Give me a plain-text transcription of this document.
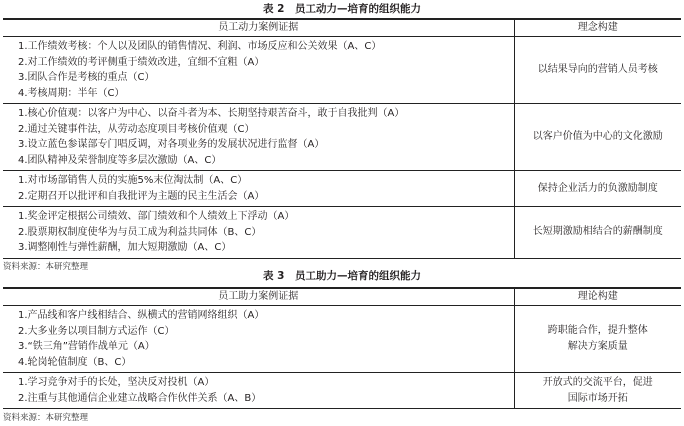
表 2　员工动力—培育的组织能力
员工动力案例证据	理念构建

1.工作绩效考核：个人以及团队的销售情况、利润、市场反应和公关效果（A、C）
2.对工作绩效的考评侧重于绩效改进，宜细不宜粗（A）
3.团队合作是考核的重点（C）
4.考核周期：半年（C）	以结果导向的营销人员考核

1.核心价值观：以客户为中心、以奋斗者为本、长期坚持艰苦奋斗，敢于自我批判（A）
2.通过关键事件法，从劳动态度项目考核价值观（C）
3.设立蓝色参谋部专门唱反调，对各项业务的发展状况进行监督（A）
4.团队精神及荣誉制度等多层次激励（A、C）	以客户价值为中心的文化激励

1.对市场部销售人员的实施5%末位淘汰制（A、C）
2.定期召开以批评和自我批评为主题的民主生活会（A）	保持企业活力的负激励制度

1.奖金评定根据公司绩效、部门绩效和个人绩效上下浮动（A）
2.股票期权制度使华为与员工成为利益共同体（B、C）
3.调整刚性与弹性薪酬，加大短期激励（A、C）	长短期激励相结合的薪酬制度
资料来源：本研究整理
表 3　员工助力—培育的组织能力
员工助力案例证据	理论构建

1.产品线和客户线相结合、纵横式的营销网络组织（A）
2.大多业务以项目制方式运作（C）
3.“铁三角”营销作战单元（A）
4.轮岗轮值制度（B、C）	跨职能合作，提升整体
解决方案质量

1.学习竞争对手的长处，坚决反对投机（A）
2.注重与其他通信企业建立战略合作伙伴关系（A、B）	开放式的交流平台，促进
国际市场开拓
资料来源：本研究整理
